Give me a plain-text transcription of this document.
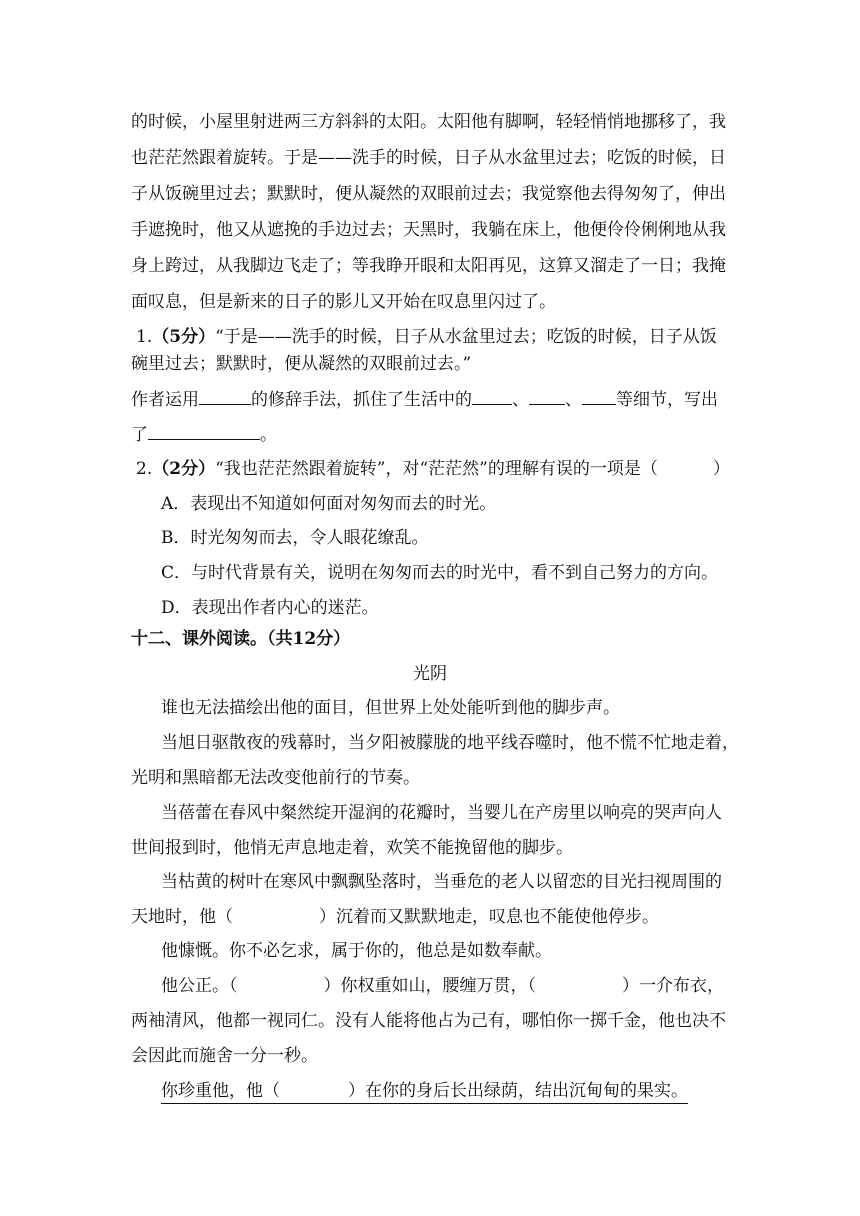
的时候，小屋里射进两三方斜斜的太阳。太阳他有脚啊，轻轻悄悄地挪移了，我
也茫茫然跟着旋转。于是——洗手的时候，日子从水盆里过去；吃饭的时候，日
子从饭碗里过去；默默时，便从凝然的双眼前过去；我觉察他去得匆匆了，伸出
手遮挽时，他又从遮挽的手边过去；天黑时，我躺在床上，他便伶伶俐俐地从我
身上跨过，从我脚边飞走了；等我睁开眼和太阳再见，这算又溜走了一日；我掩
面叹息，但是新来的日子的影儿又开始在叹息里闪过了。
1.（5分）“于是——洗手的时候，日子从水盆里过去；吃饭的时候，日子从饭
碗里过去；默默时，便从凝然的双眼前过去。”
作者运用	的修辞手法，抓住了生活中的 、 、 等细节，写出
了	。
2.（2分）“我也茫茫然跟着旋转”，对“茫茫然”的理解有误的一项是（	）
A．表现出不知道如何面对匆匆而去的时光。
B．时光匆匆而去，令人眼花缭乱。
C．与时代背景有关，说明在匆匆而去的时光中，看不到自己努力的方向。
D．表现出作者内心的迷茫。
十二、课外阅读。（共12分）
光阴
谁也无法描绘出他的面目，但世界上处处能听到他的脚步声。
当旭日驱散夜的残幕时，当夕阳被朦胧的地平线吞噬时，他不慌不忙地走着，
光明和黑暗都无法改变他前行的节奏。
当蓓蕾在春风中粲然绽开湿润的花瓣时，当婴儿在产房里以响亮的哭声向人
世间报到时，他悄无声息地走着，欢笑不能挽留他的脚步。
当枯黄的树叶在寒风中飘飘坠落时，当垂危的老人以留恋的目光扫视周围的
天地时，他（	）沉着而又默默地走，叹息也不能使他停步。
他慷慨。你不必乞求，属于你的，他总是如数奉献。
他公正。（	）你权重如山，腰缠万贯，（	）一介布衣，
两袖清风，他都一视同仁。没有人能将他占为己有，哪怕你一掷千金，他也决不
会因此而施舍一分一秒。
你珍重他，他（	）在你的身后长出绿荫，结出沉甸甸的果实。
